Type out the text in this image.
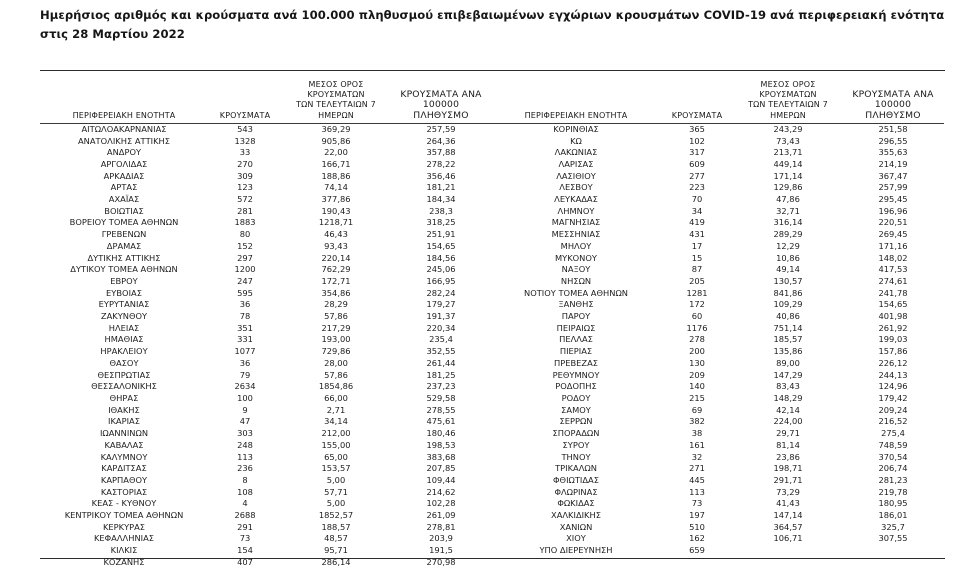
Ημερήσιος αριθμός και κρούσματα ανά 100.000 πληθυσμού επιβεβαιωμένων εγχώριων κρουσμάτων COVID-19 ανά περιφερειακή ενότητα στις 28 Μαρτίου 2022
ΠΕΡΙΦΕΡΕΙΑΚΗ ΕΝΟΤΗΤΑ	ΚΡΟΥΣΜΑΤΑ	ΜΕΣΟΣ ΟΡΟΣ ΚΡΟΥΣΜΑΤΩΝ
ΤΩΝ ΤΕΛΕΥΤΑΙΩΝ 7 ΗΜΕΡΩΝ	ΚΡΟΥΣΜΑΤΑ ΑΝΑ 100000
ΠΛΗΘΥΣΜΟ
ΑΙΤΩΛΟΑΚΑΡΝΑΝΙΑΣ	543	369,29	257,59
ΑΝΑΤΟΛΙΚΗΣ ΑΤΤΙΚΗΣ	1328	905,86	264,36
ΑΝΔΡΟΥ	33	22,00	357,88
ΑΡΓΟΛΙΔΑΣ	270	166,71	278,22
ΑΡΚΑΔΙΑΣ	309	188,86	356,46
ΑΡΤΑΣ	123	74,14	181,21
ΑΧΑΪΑΣ	572	377,86	184,34
ΒΟΙΩΤΙΑΣ	281	190,43	238,3
ΒΟΡΕΙΟΥ ΤΟΜΕΑ ΑΘΗΝΩΝ	1883	1218,71	318,25
ΓΡΕΒΕΝΩΝ	80	46,43	251,91
ΔΡΑΜΑΣ	152	93,43	154,65
ΔΥΤΙΚΗΣ ΑΤΤΙΚΗΣ	297	220,14	184,56
ΔΥΤΙΚΟΥ ΤΟΜΕΑ ΑΘΗΝΩΝ	1200	762,29	245,06
ΕΒΡΟΥ	247	172,71	166,95
ΕΥΒΟΙΑΣ	595	354,86	282,24
ΕΥΡΥΤΑΝΙΑΣ	36	28,29	179,27
ΖΑΚΥΝΘΟΥ	78	57,86	191,37
ΗΛΕΙΑΣ	351	217,29	220,34
ΗΜΑΘΙΑΣ	331	193,00	235,4
ΗΡΑΚΛΕΙΟΥ	1077	729,86	352,55
ΘΑΣΟΥ	36	28,00	261,44
ΘΕΣΠΡΩΤΙΑΣ	79	57,86	181,25
ΘΕΣΣΑΛΟΝΙΚΗΣ	2634	1854,86	237,23
ΘΗΡΑΣ	100	66,00	529,58
ΙΘΑΚΗΣ	9	2,71	278,55
ΙΚΑΡΙΑΣ	47	34,14	475,61
ΙΩΑΝΝΙΝΩΝ	303	212,00	180,46
ΚΑΒΑΛΑΣ	248	155,00	198,53
ΚΑΛΥΜΝΟΥ	113	65,00	383,68
ΚΑΡΔΙΤΣΑΣ	236	153,57	207,85
ΚΑΡΠΑΘΟΥ	8	5,00	109,44
ΚΑΣΤΟΡΙΑΣ	108	57,71	214,62
ΚΕΑΣ - ΚΥΘΝΟΥ	4	5,00	102,28
ΚΕΝΤΡΙΚΟΥ ΤΟΜΕΑ ΑΘΗΝΩΝ	2688	1852,57	261,09
ΚΕΡΚΥΡΑΣ	291	188,57	278,81
ΚΕΦΑΛΛΗΝΙΑΣ	73	48,57	203,9
ΚΙΛΚΙΣ	154	95,71	191,5
ΚΟΖΑΝΗΣ	407	286,14	270,98
ΠΕΡΙΦΕΡΕΙΑΚΗ ΕΝΟΤΗΤΑ	ΚΡΟΥΣΜΑΤΑ	ΜΕΣΟΣ ΟΡΟΣ ΚΡΟΥΣΜΑΤΩΝ
ΤΩΝ ΤΕΛΕΥΤΑΙΩΝ 7 ΗΜΕΡΩΝ	ΚΡΟΥΣΜΑΤΑ ΑΝΑ 100000
ΠΛΗΘΥΣΜΟ
ΚΟΡΙΝΘΙΑΣ	365	243,29	251,58
ΚΩ	102	73,43	296,55
ΛΑΚΩΝΙΑΣ	317	213,71	355,63
ΛΑΡΙΣΑΣ	609	449,14	214,19
ΛΑΣΙΘΙΟΥ	277	171,14	367,47
ΛΕΣΒΟΥ	223	129,86	257,99
ΛΕΥΚΑΔΑΣ	70	47,86	295,45
ΛΗΜΝΟΥ	34	32,71	196,96
ΜΑΓΝΗΣΙΑΣ	419	316,14	220,51
ΜΕΣΣΗΝΙΑΣ	431	289,29	269,45
ΜΗΛΟΥ	17	12,29	171,16
ΜΥΚΟΝΟΥ	15	10,86	148,02
ΝΑΞΟΥ	87	49,14	417,53
ΝΗΣΩΝ	205	130,57	274,61
ΝΟΤΙΟΥ ΤΟΜΕΑ ΑΘΗΝΩΝ	1281	841,86	241,78
ΞΑΝΘΗΣ	172	109,29	154,65
ΠΑΡΟΥ	60	40,86	401,98
ΠΕΙΡΑΙΩΣ	1176	751,14	261,92
ΠΕΛΛΑΣ	278	185,57	199,03
ΠΙΕΡΙΑΣ	200	135,86	157,86
ΠΡΕΒΕΖΑΣ	130	89,00	226,12
ΡΕΘΥΜΝΟΥ	209	147,29	244,13
ΡΟΔΟΠΗΣ	140	83,43	124,96
ΡΟΔΟΥ	215	148,29	179,42
ΣΑΜΟΥ	69	42,14	209,24
ΣΕΡΡΩΝ	382	224,00	216,52
ΣΠΟΡΑΔΩΝ	38	29,71	275,4
ΣΥΡΟΥ	161	81,14	748,59
ΤΗΝΟΥ	32	23,86	370,54
ΤΡΙΚΑΛΩΝ	271	198,71	206,74
ΦΘΙΩΤΙΔΑΣ	445	291,71	281,23
ΦΛΩΡΙΝΑΣ	113	73,29	219,78
ΦΩΚΙΔΑΣ	73	41,43	180,95
ΧΑΛΚΙΔΙΚΗΣ	197	147,14	186,01
ΧΑΝΙΩΝ	510	364,57	325,7
ΧΙΟΥ	162	106,71	307,55
ΥΠΟ ΔΙΕΡΕΥΝΗΣΗ	659		
